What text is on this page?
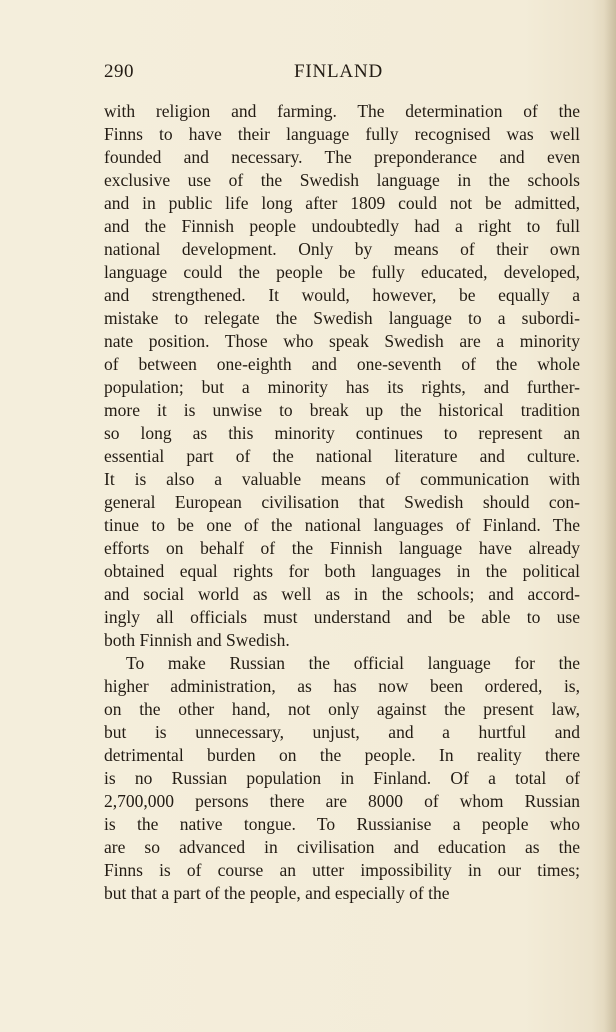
290	FINLAND
with religion and farming. The determination of the
Finns to have their language fully recognised was well
founded and necessary. The preponderance and even
exclusive use of the Swedish language in the schools
and in public life long after 1809 could not be admitted,
and the Finnish people undoubtedly had a right to full
national development. Only by means of their own
language could the people be fully educated, developed,
and strengthened. It would, however, be equally a
mistake to relegate the Swedish language to a subordi-
nate position. Those who speak Swedish are a minority
of between one-eighth and one-seventh of the whole
population; but a minority has its rights, and further-
more it is unwise to break up the historical tradition
so long as this minority continues to represent an
essential part of the national literature and culture.
It is also a valuable means of communication with
general European civilisation that Swedish should con-
tinue to be one of the national languages of Finland. The
efforts on behalf of the Finnish language have already
obtained equal rights for both languages in the political
and social world as well as in the schools; and accord-
ingly all officials must understand and be able to use
both Finnish and Swedish.
To make Russian the official language for the
higher administration, as has now been ordered, is,
on the other hand, not only against the present law,
but is unnecessary, unjust, and a hurtful and
detrimental burden on the people. In reality there
is no Russian population in Finland. Of a total of
2,700,000 persons there are 8000 of whom Russian
is the native tongue. To Russianise a people who
are so advanced in civilisation and education as the
Finns is of course an utter impossibility in our times;
but that a part of the people, and especially of the
